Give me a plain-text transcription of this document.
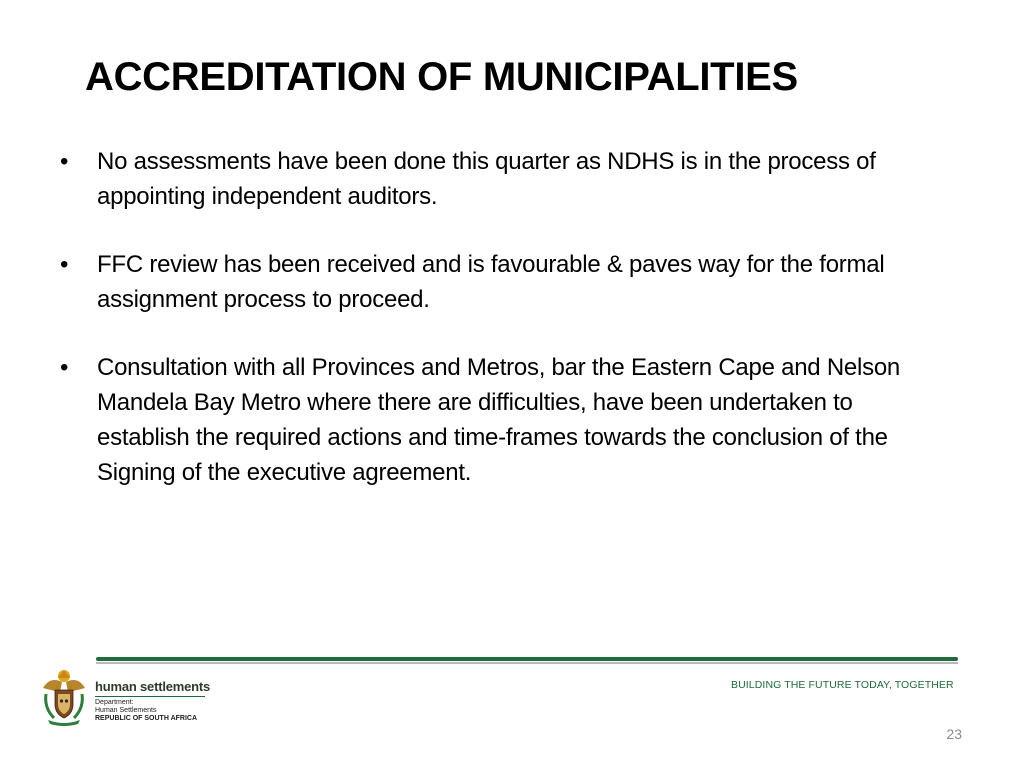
ACCREDITATION OF MUNICIPALITIES
• No assessments have been done this quarter as NDHS is in the process of appointing independent auditors.
• FFC review has been received and is favourable & paves way for the formal assignment process to proceed.
• Consultation with all Provinces and Metros, bar the Eastern Cape and Nelson Mandela Bay Metro where there are difficulties, have been undertaken to establish the required actions and time-frames towards the conclusion of the Signing of the executive agreement.
human settlements
Department:
Human Settlements
REPUBLIC OF SOUTH AFRICA
BUILDING THE FUTURE TODAY, TOGETHER
23
